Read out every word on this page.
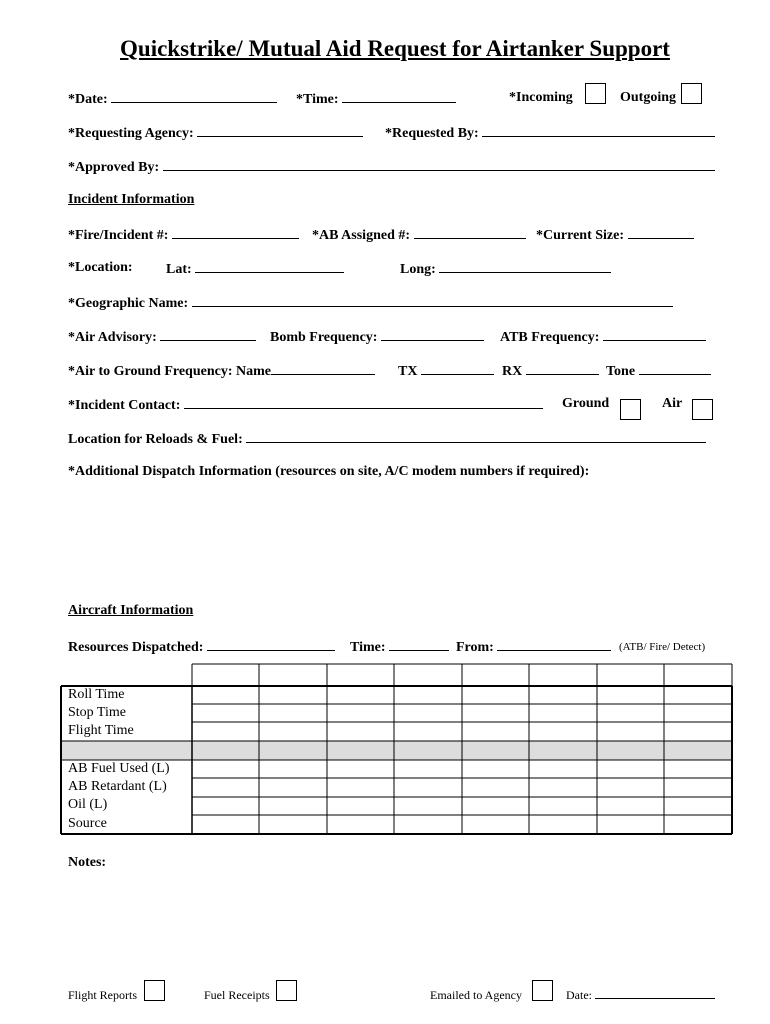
Quickstrike/ Mutual Aid Request for Airtanker Support
*Date:	*Time:	*Incoming	Outgoing
*Requesting Agency:	*Requested By:
*Approved By:
Incident Information
*Fire/Incident #:	*AB Assigned #:	*Current Size:
*Location: Lat:	Long:
*Geographic Name:
*Air Advisory:	Bomb Frequency:	ATB Frequency:
*Air to Ground Frequency: Name	TX	RX	Tone
*Incident Contact:	Ground	Air
Location for Reloads & Fuel:
*Additional Dispatch Information (resources on site, A/C modem numbers if required):
Aircraft Information
Resources Dispatched:	Time:	From:	(ATB/ Fire/ Detect)
Roll Time
Stop Time
Flight Time
AB Fuel Used (L)
AB Retardant (L)
Oil (L)
Source
Notes:
Flight Reports	Fuel Receipts	Emailed to Agency	Date:
